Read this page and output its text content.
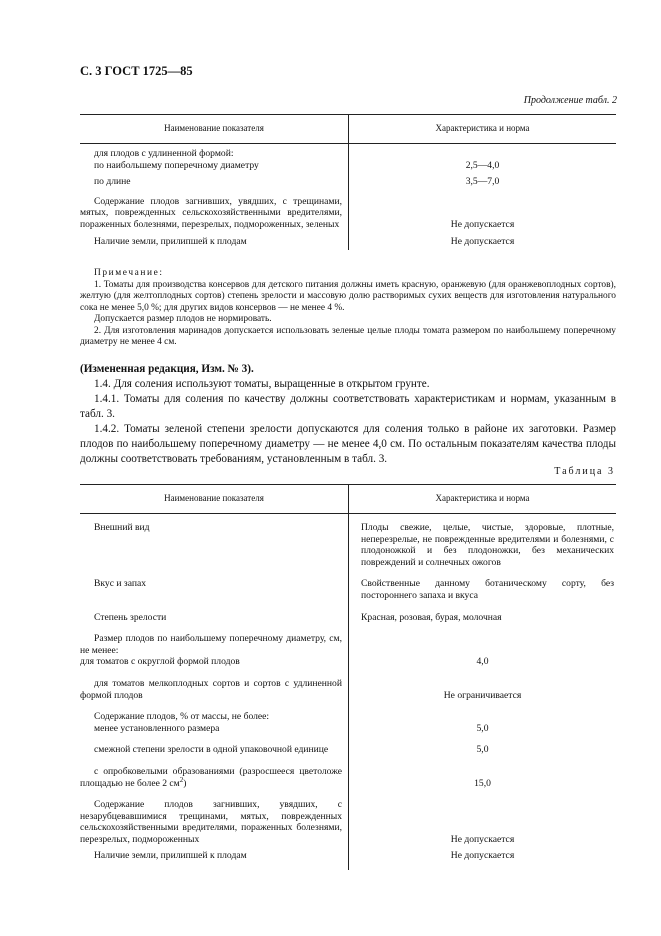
С. 3 ГОСТ 1725—85
Продолжение табл. 2
Наименование показателя	Характеристика и норма
для плодов с удлиненной формой:	
по наибольшему поперечному диаметру	2,5—4,0
по длине	3,5—7,0
Содержание плодов загнивших, увядших, с трещинами, мятых, поврежденных сельскохозяйственными вредителями, пораженных болезнями, перезрелых, подмороженных, зеленых	Не допускается
Наличие земли, прилипшей к плодам	Не допускается

Примечание:

1. Томаты для производства консервов для детского питания должны иметь красную, оранжевую (для оранжевоплодных сортов), желтую (для желтоплодных сортов) степень зрелости и массовую долю растворимых сухих веществ для изготовления натурального сока не менее 5,0 %; для других видов консервов — не менее 4 %.

Допускается размер плодов не нормировать.

2. Для изготовления маринадов допускается использовать зеленые целые плоды томата размером по наибольшему поперечному диаметру не менее 4 см.

(Измененная редакция, Изм. № 3).

1.4. Для соления используют томаты, выращенные в открытом грунте.

1.4.1. Томаты для соления по качеству должны соответствовать характеристикам и нормам, указанным в табл. 3.

1.4.2. Томаты зеленой степени зрелости допускаются для соления только в районе их заготовки. Размер плодов по наибольшему поперечному диаметру — не менее 4,0 см. По остальным показателям качества плоды должны соответствовать требованиям, установленным в табл. 3.

Таблица 3
Наименование показателя	Характеристика и норма
Внешний вид	Плоды свежие, целые, чистые, здоровые, плотные, неперезрелые, не поврежденные вредителями и болезнями, с плодоножкой и без плодоножки, без механических повреждений и солнечных ожогов
Вкус и запах	Свойственные данному ботаническому сорту, без постороннего запаха и вкуса
Степень зрелости	Красная, розовая, бурая, молочная
Размер плодов по наибольшему поперечному диаметру, см, не менее:	
для томатов с округлой формой плодов	4,0
для томатов мелкоплодных сортов и сортов с удлиненной формой плодов	Не ограничивается
Содержание плодов, % от массы, не более:	
менее установленного размера	5,0
смежной степени зрелости в одной упаковочной единице	5,0
с опробковелыми образованиями (разросшееся цветоложе площадью не более 2 $см^2$)	15,0
Содержание плодов загнивших, увядших, с незарубцевавшимися трещинами, мятых, поврежденных сельскохозяйственными вредителями, пораженных болезнями, перезрелых, подмороженных	Не допускается
Наличие земли, прилипшей к плодам	Не допускается
